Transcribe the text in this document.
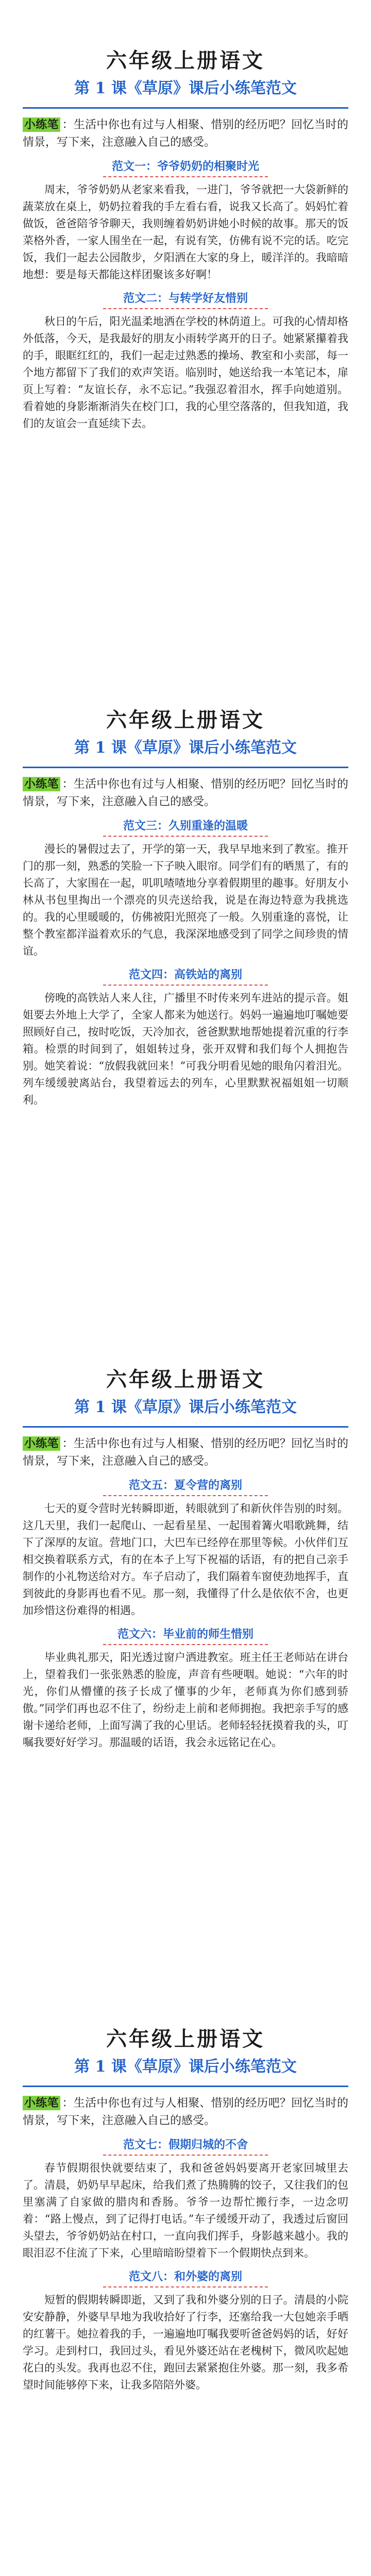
六年级上册语文
第 1 课《草原》课后小练笔范文

小练笔 ：生活中你也有过与人相聚、惜别的经历吧？回忆当时的情景，写下来，注意融入自己的感受。

范文一：爷爷奶奶的相聚时光

周末，爷爷奶奶从老家来看我，一进门，爷爷就把一大袋新鲜的蔬菜放在桌上，奶奶拉着我的手左看右看，说我又长高了。妈妈忙着做饭，爸爸陪爷爷聊天，我则缠着奶奶讲她小时候的故事。那天的饭菜格外香，一家人围坐在一起，有说有笑，仿佛有说不完的话。吃完饭，我们一起去公园散步，夕阳洒在大家的身上，暖洋洋的。我暗暗地想：要是每天都能这样团聚该多好啊！

范文二：与转学好友惜别

秋日的午后，阳光温柔地洒在学校的林荫道上。可我的心情却格外低落，今天，是我最好的朋友小雨转学离开的日子。她紧紧攥着我的手，眼眶红红的，我们一起走过熟悉的操场、教室和小卖部，每一个地方都留下了我们的欢声笑语。临别时，她送给我一本笔记本，扉页上写着：“友谊长存，永不忘记。”我强忍着泪水，挥手向她道别。看着她的身影渐渐消失在校门口，我的心里空落落的，但我知道，我们的友谊会一直延续下去。

六年级上册语文
第 1 课《草原》课后小练笔范文

小练笔 ：生活中你也有过与人相聚、惜别的经历吧？回忆当时的情景，写下来，注意融入自己的感受。

范文三：久别重逢的温暖

漫长的暑假过去了，开学的第一天，我早早地来到了教室。推开门的那一刻，熟悉的笑脸一下子映入眼帘。同学们有的晒黑了，有的长高了，大家围在一起，叽叽喳喳地分享着假期里的趣事。好朋友小林从书包里掏出一个漂亮的贝壳送给我，说是在海边特意为我挑选的。我的心里暖暖的，仿佛被阳光照亮了一般。久别重逢的喜悦，让整个教室都洋溢着欢乐的气息，我深深地感受到了同学之间珍贵的情谊。

范文四：高铁站的离别

傍晚的高铁站人来人往，广播里不时传来列车进站的提示音。姐姐要去外地上大学了，全家人都来为她送行。妈妈一遍遍地叮嘱她要照顾好自己，按时吃饭，天冷加衣，爸爸默默地帮她提着沉重的行李箱。检票的时间到了，姐姐转过身，张开双臂和我们每个人拥抱告别。她笑着说：“放假我就回来！”可我分明看见她的眼角闪着泪光。列车缓缓驶离站台，我望着远去的列车，心里默默祝福姐姐一切顺利。

六年级上册语文
第 1 课《草原》课后小练笔范文

小练笔 ：生活中你也有过与人相聚、惜别的经历吧？回忆当时的情景，写下来，注意融入自己的感受。

范文五：夏令营的离别

七天的夏令营时光转瞬即逝，转眼就到了和新伙伴告别的时刻。这几天里，我们一起爬山、一起看星星、一起围着篝火唱歌跳舞，结下了深厚的友谊。营地门口，大巴车已经停在那里等候。小伙伴们互相交换着联系方式，有的在本子上写下祝福的话语，有的把自己亲手制作的小礼物送给对方。车子启动了，我们隔着车窗使劲地挥手，直到彼此的身影再也看不见。那一刻，我懂得了什么是依依不舍，也更加珍惜这份难得的相遇。

范文六：毕业前的师生惜别

毕业典礼那天，阳光透过窗户洒进教室。班主任王老师站在讲台上，望着我们一张张熟悉的脸庞，声音有些哽咽。她说：“六年的时光，你们从懵懂的孩子长成了懂事的少年，老师真为你们感到骄傲。”同学们再也忍不住了，纷纷走上前和老师拥抱。我把亲手写的感谢卡递给老师，上面写满了我的心里话。老师轻轻抚摸着我的头，叮嘱我要好好学习。那温暖的话语，我会永远铭记在心。

六年级上册语文
第 1 课《草原》课后小练笔范文

小练笔 ：生活中你也有过与人相聚、惜别的经历吧？回忆当时的情景，写下来，注意融入自己的感受。

范文七：假期归城的不舍

春节假期很快就要结束了，我和爸爸妈妈要离开老家回城里去了。清晨，奶奶早早起床，给我们煮了热腾腾的饺子，又往我们的包里塞满了自家做的腊肉和香肠。爷爷一边帮忙搬行李，一边念叨着：“路上慢点，到了记得打电话。”车子缓缓开动了，我透过后窗回头望去，爷爷奶奶站在村口，一直向我们挥手，身影越来越小。我的眼泪忍不住流了下来，心里暗暗盼望着下一个假期快点到来。

范文八：和外婆的离别

短暂的假期转瞬即逝，又到了我和外婆分别的日子。清晨的小院安安静静，外婆早早地为我收拾好了行李，还塞给我一大包她亲手晒的红薯干。她拉着我的手，一遍遍地叮嘱我要听爸爸妈妈的话，好好学习。走到村口，我回过头，看见外婆还站在老槐树下，微风吹起她花白的头发。我再也忍不住，跑回去紧紧抱住外婆。那一刻，我多希望时间能够停下来，让我多陪陪外婆。
